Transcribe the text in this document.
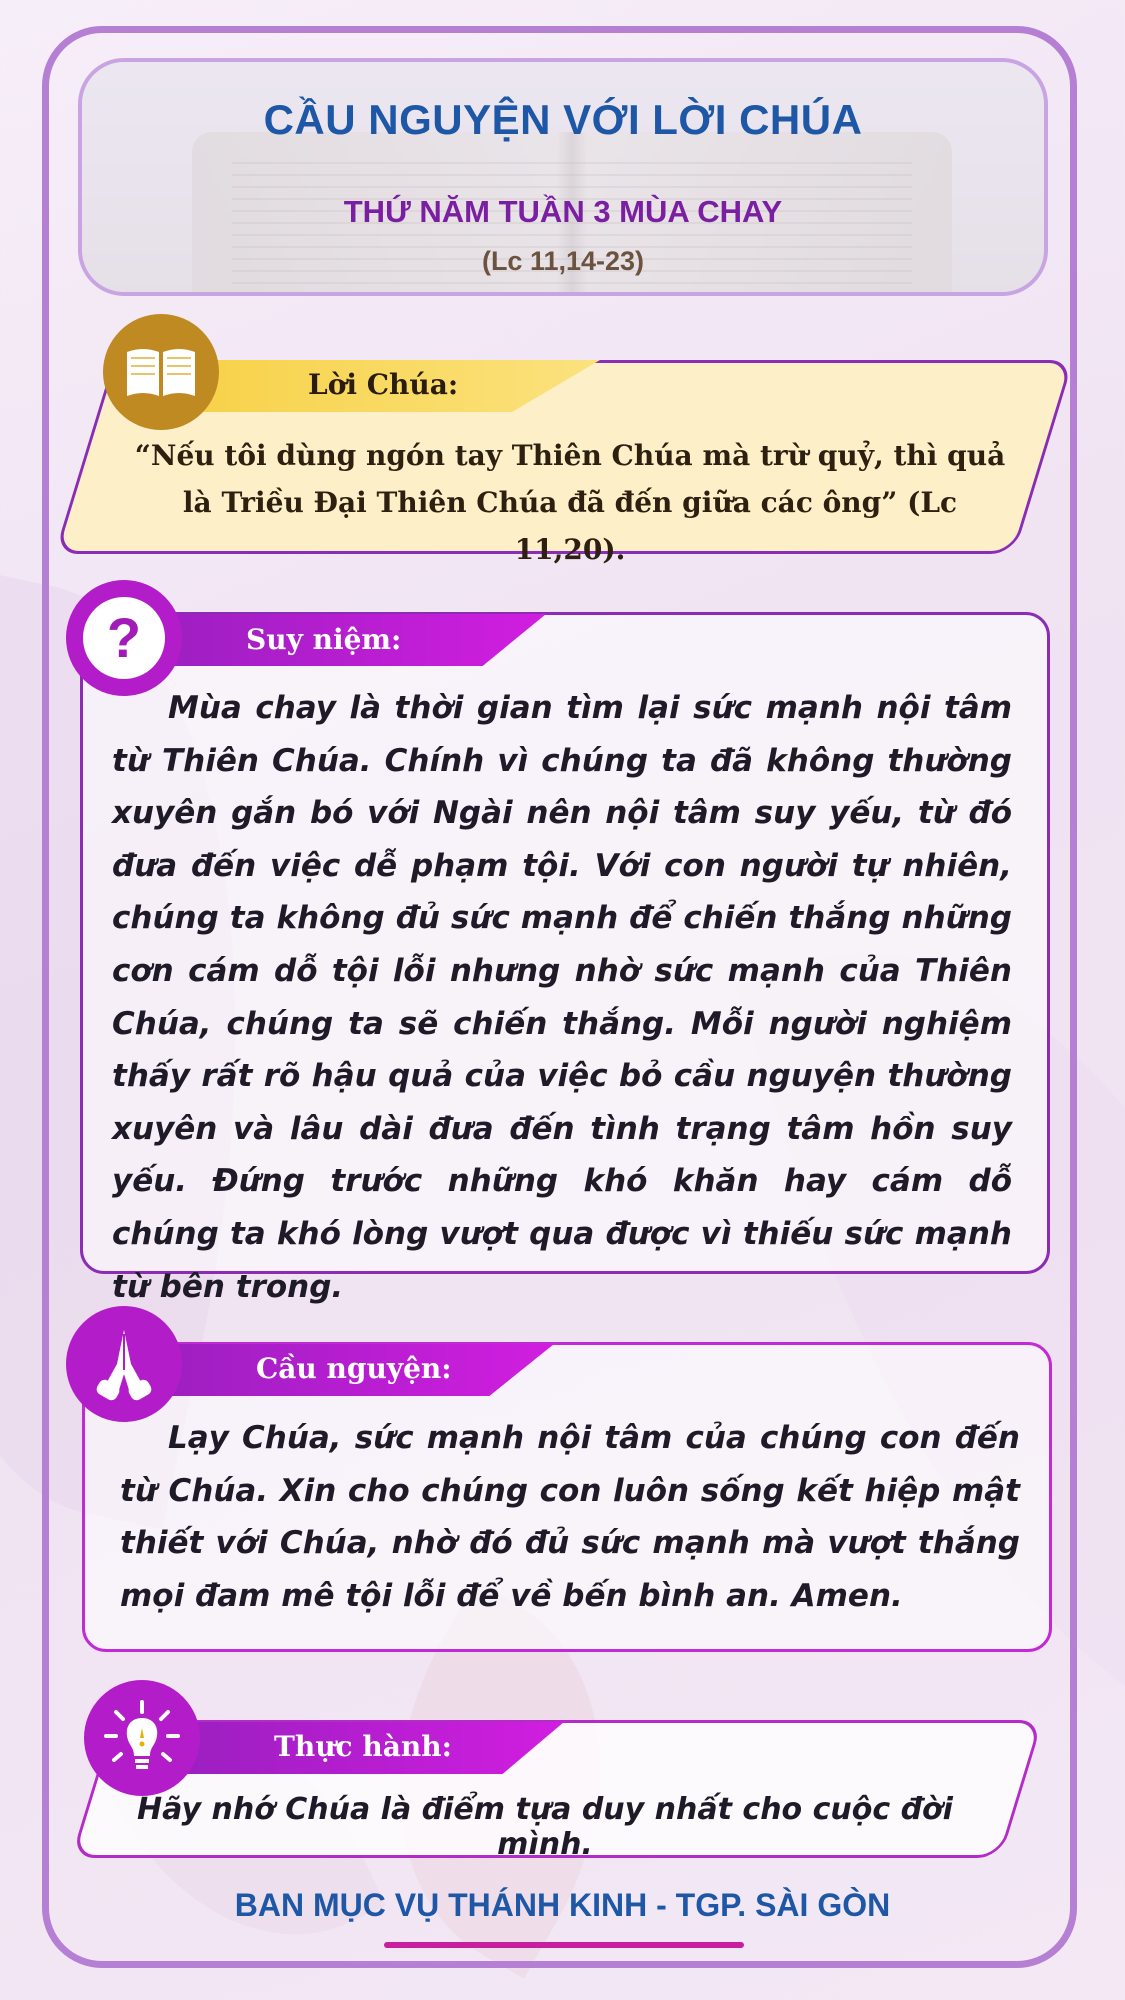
CẦU NGUYỆN VỚI LỜI CHÚA
THỨ NĂM TUẦN 3 MÙA CHAY
(Lc 11,14-23)
Lời Chúa:
“Nếu tôi dùng ngón tay Thiên Chúa mà trừ quỷ, thì quả là Triều Đại Thiên Chúa đã đến giữa các ông” (Lc 11,20).
Suy niệm:
?
Mùa chay là thời gian tìm lại sức mạnh nội tâm từ Thiên Chúa. Chính vì chúng ta đã không thường xuyên gắn bó với Ngài nên nội tâm suy yếu, từ đó đưa đến việc dễ phạm tội. Với con người tự nhiên, chúng ta không đủ sức mạnh để chiến thắng những cơn cám dỗ tội lỗi nhưng nhờ sức mạnh của Thiên Chúa, chúng ta sẽ chiến thắng. Mỗi người nghiệm thấy rất rõ hậu quả của việc bỏ cầu nguyện thường xuyên và lâu dài đưa đến tình trạng tâm hồn suy yếu. Đứng trước những khó khăn hay cám dỗ chúng ta khó lòng vượt qua được vì thiếu sức mạnh từ bên trong.
Cầu nguyện:
Lạy Chúa, sức mạnh nội tâm của chúng con đến từ Chúa. Xin cho chúng con luôn sống kết hiệp mật thiết với Chúa, nhờ đó đủ sức mạnh mà vượt thắng mọi đam mê tội lỗi để về bến bình an. Amen.
Thực hành:
Hãy nhớ Chúa là điểm tựa duy nhất cho cuộc đời mình.
BAN MỤC VỤ THÁNH KINH - TGP. SÀI GÒN
